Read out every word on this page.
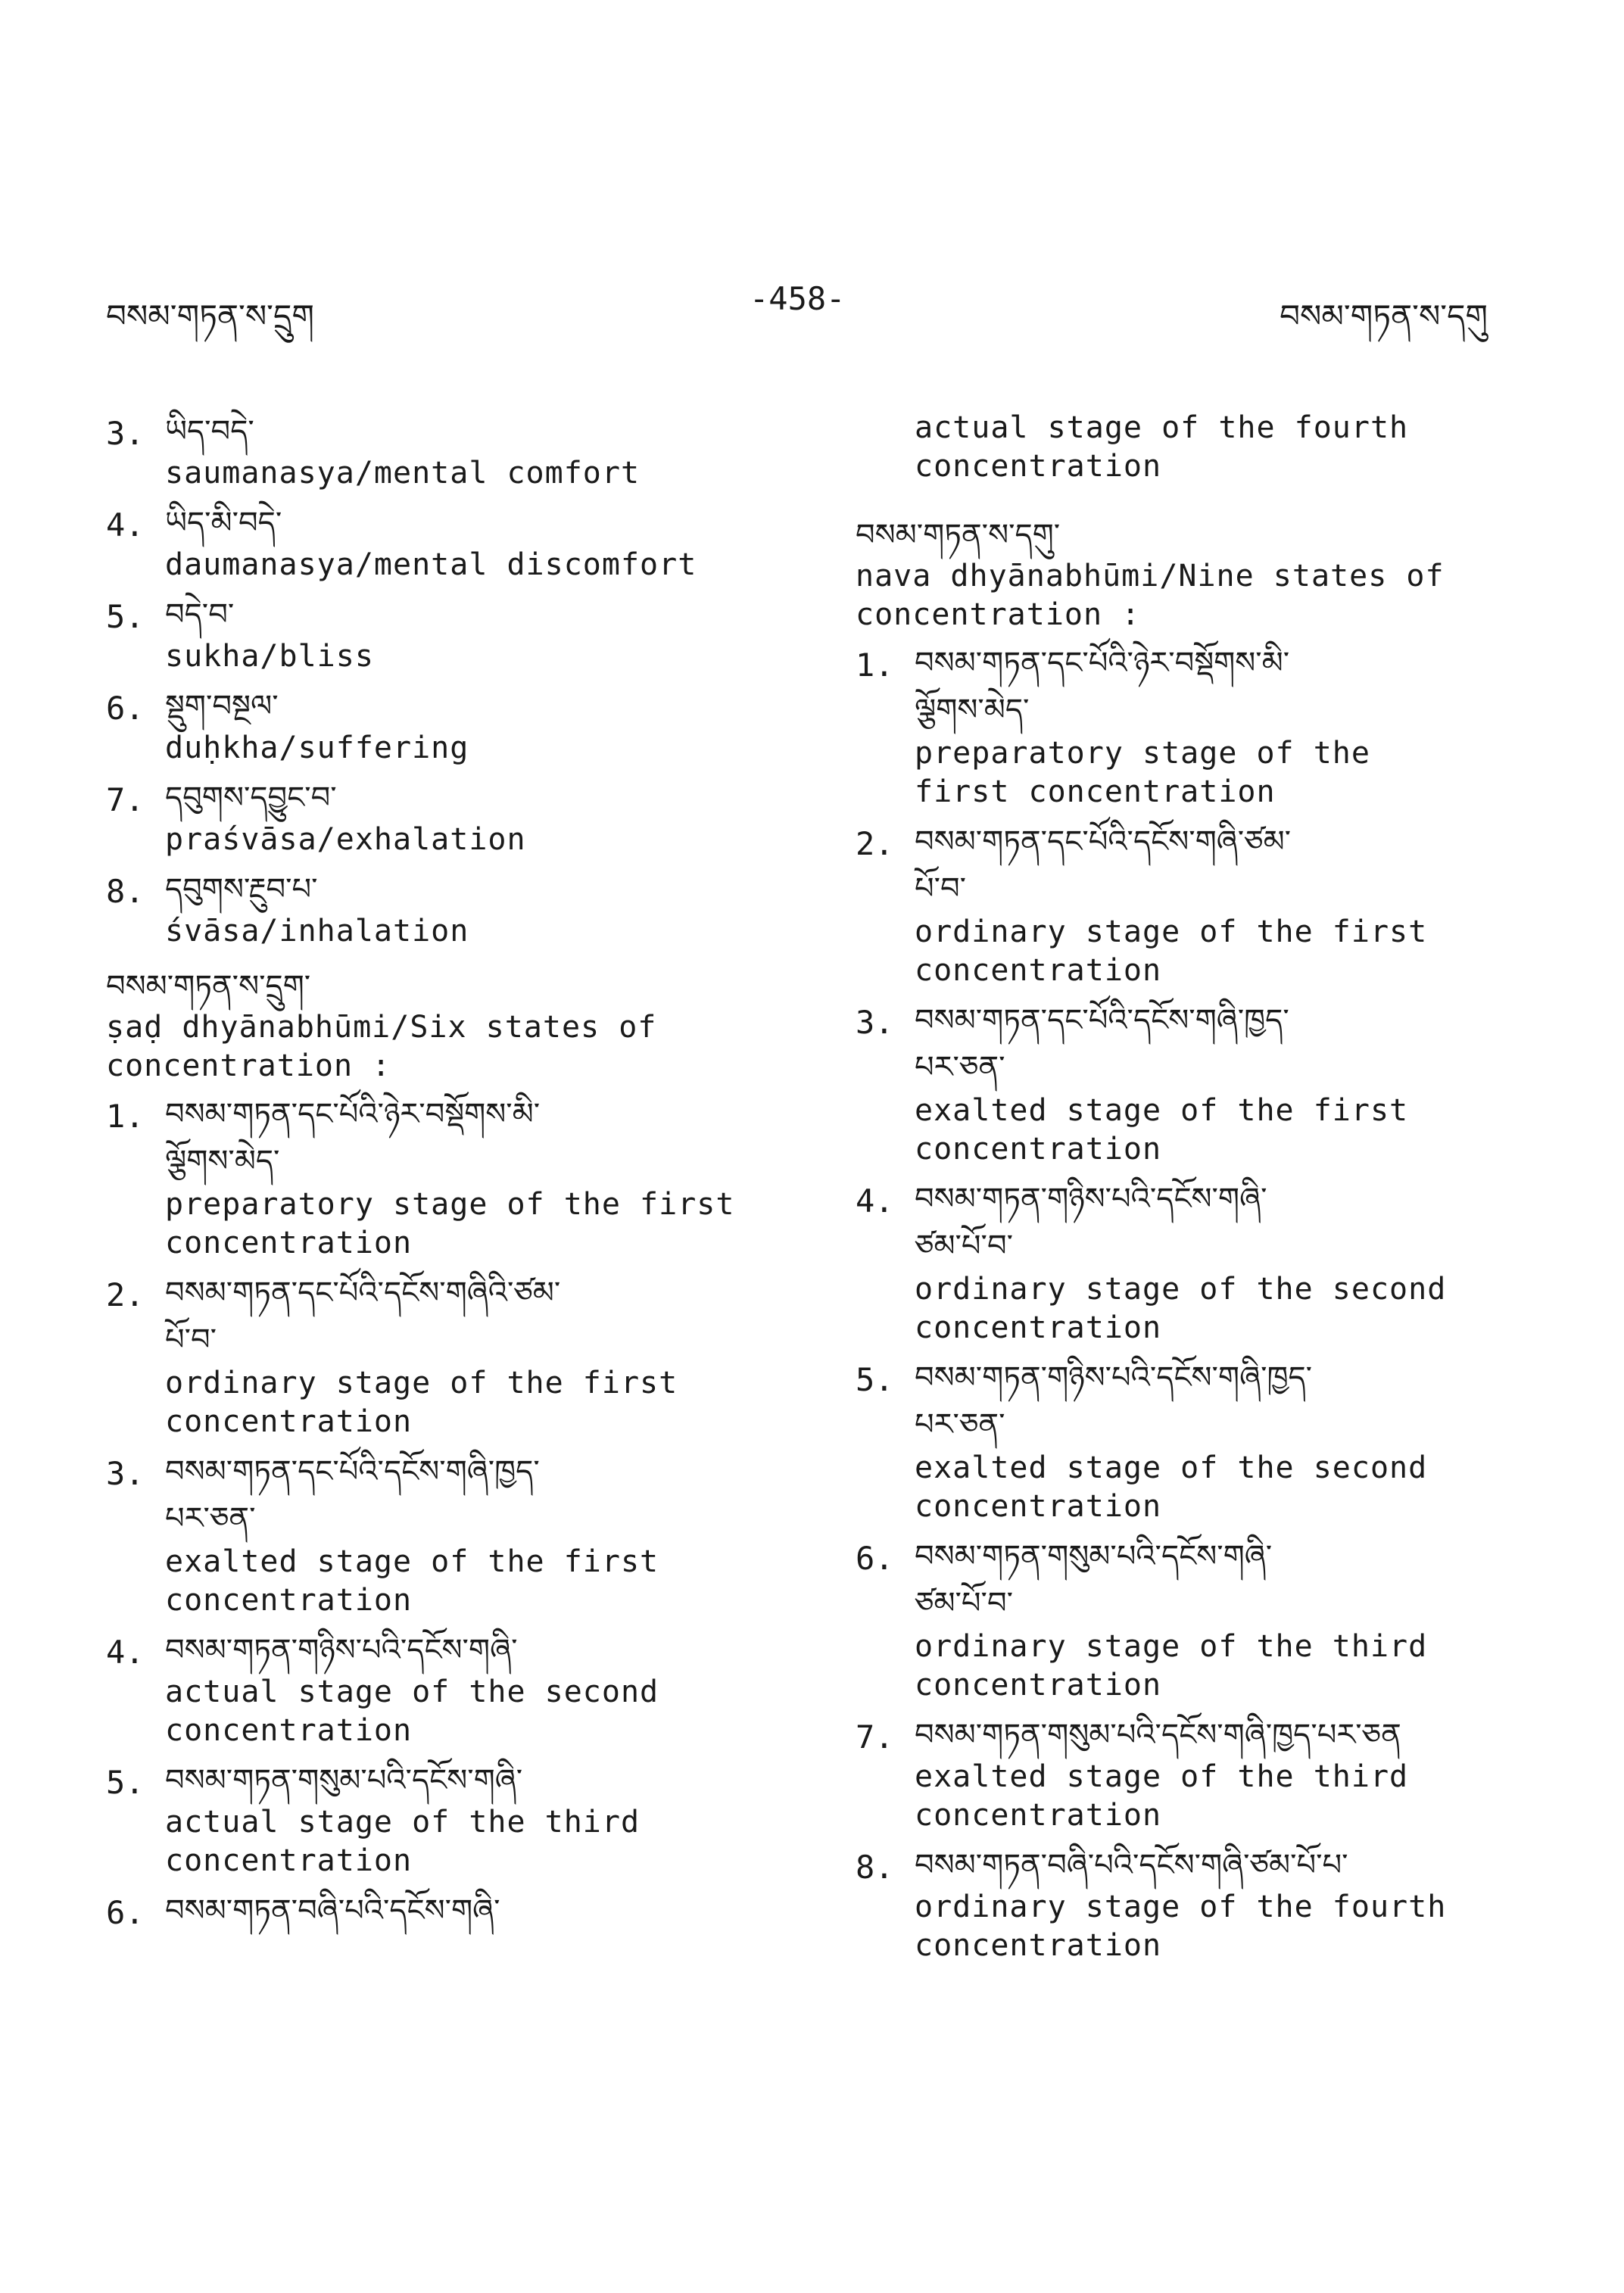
བསམ་གཏན་ས་དྲུག	-458-	བསམ་གཏན་ས་དགུ
3. ཡིད་བདེ་
saumanasya/mental comfort
4. ཡིད་མི་བདེ་
daumanasya/mental discomfort
5. བདེ་བ་
sukha/bliss
6. སྡུག་བསྔལ་
duḥkha/suffering
7. དབུགས་དབྱུང་བ་
praśvāsa/exhalation
8. དབུགས་རྔུབ་པ་
śvāsa/inhalation
བསམ་གཏན་ས་དྲུག་
ṣaḍ dhyānabhūmi/Six states of
concentration :
1. བསམ་གཏན་དང་པོའི་ཉེར་བསྡོགས་མི་
ལྕོགས་མེད་
preparatory stage of the first
concentration
2. བསམ་གཏན་དང་པོའི་དངོས་གཞིའི་ཙམ་
པོ་བ་
ordinary stage of the first
concentration
3. བསམ་གཏན་དང་པོའི་དངོས་གཞི་ཁྱད་
པར་ཅན་
exalted stage of the first
concentration
4. བསམ་གཏན་གཉིས་པའི་དངོས་གཞི་
actual stage of the second
concentration
5. བསམ་གཏན་གསུམ་པའི་དངོས་གཞི་
actual stage of the third
concentration
6. བསམ་གཏན་བཞི་པའི་དངོས་གཞི་
actual stage of the fourth
concentration
བསམ་གཏན་ས་དགུ་
nava dhyānabhūmi/Nine states of
concentration :
1. བསམ་གཏན་དང་པོའི་ཉེར་བསྡོགས་མི་
ལྕོགས་མེད་
preparatory stage of the
first concentration
2. བསམ་གཏན་དང་པོའི་དངོས་གཞི་ཙམ་
པོ་བ་
ordinary stage of the first
concentration
3. བསམ་གཏན་དང་པོའི་དངོས་གཞི་ཁྱད་
པར་ཅན་
exalted stage of the first
concentration
4. བསམ་གཏན་གཉིས་པའི་དངོས་གཞི་
ཙམ་པོ་བ་
ordinary stage of the second
concentration
5. བསམ་གཏན་གཉིས་པའི་དངོས་གཞི་ཁྱད་
པར་ཅན་
exalted stage of the second
concentration
6. བསམ་གཏན་གསུམ་པའི་དངོས་གཞི་
ཙམ་པོ་བ་
ordinary stage of the third
concentration
7. བསམ་གཏན་གསུམ་པའི་དངོས་གཞི་ཁྱད་པར་ཅན
exalted stage of the third
concentration
8. བསམ་གཏན་བཞི་པའི་དངོས་གཞི་ཙམ་པོ་པ་
ordinary stage of the fourth
concentration
